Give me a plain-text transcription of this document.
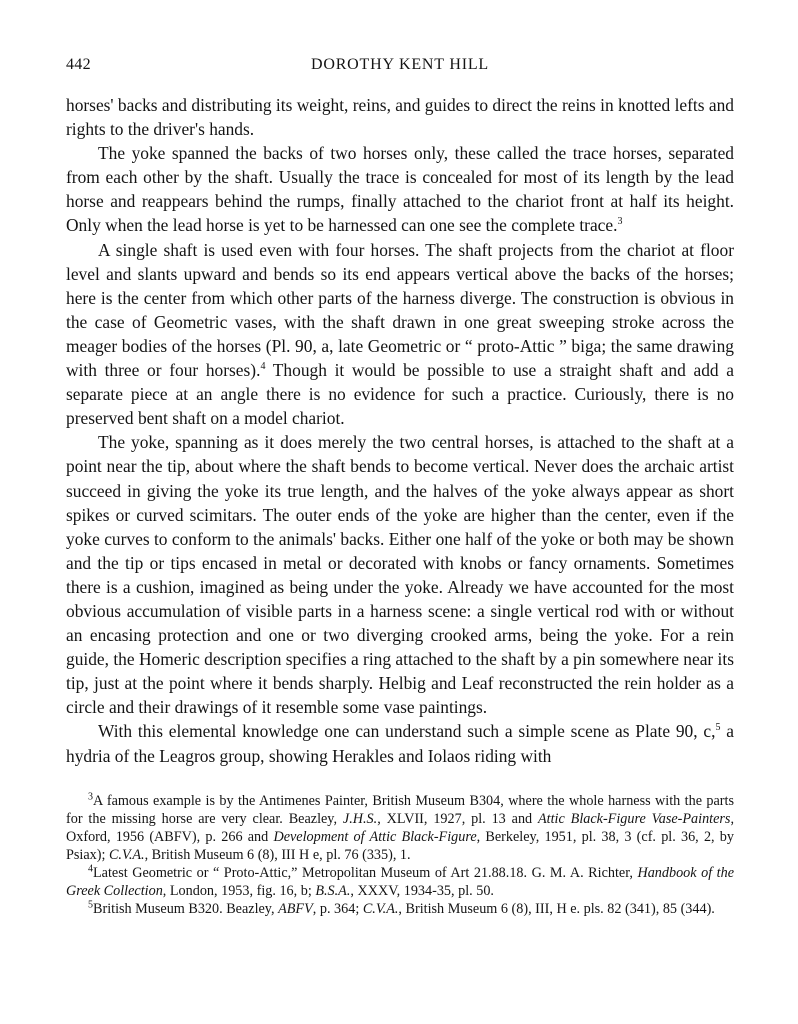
442	DOROTHY KENT HILL

horses' backs and distributing its weight, reins, and guides to direct the reins in knotted lefts and rights to the driver's hands.

The yoke spanned the backs of two horses only, these called the trace horses, separated from each other by the shaft. Usually the trace is concealed for most of its length by the lead horse and reappears behind the rumps, finally attached to the chariot front at half its height. Only when the lead horse is yet to be harnessed can one see the complete trace.$^3$

A single shaft is used even with four horses. The shaft projects from the chariot at floor level and slants upward and bends so its end appears vertical above the backs of the horses; here is the center from which other parts of the harness diverge. The construction is obvious in the case of Geometric vases, with the shaft drawn in one great sweeping stroke across the meager bodies of the horses (Pl. 90, a, late Geometric or “ proto-Attic ” biga; the same drawing with three or four horses).$^4$ Though it would be possible to use a straight shaft and add a separate piece at an angle there is no evidence for such a practice. Curiously, there is no preserved bent shaft on a model chariot.

The yoke, spanning as it does merely the two central horses, is attached to the shaft at a point near the tip, about where the shaft bends to become vertical. Never does the archaic artist succeed in giving the yoke its true length, and the halves of the yoke always appear as short spikes or curved scimitars. The outer ends of the yoke are higher than the center, even if the yoke curves to conform to the animals' backs. Either one half of the yoke or both may be shown and the tip or tips encased in metal or decorated with knobs or fancy ornaments. Sometimes there is a cushion, imagined as being under the yoke. Already we have accounted for the most obvious accumulation of visible parts in a harness scene: a single vertical rod with or without an encasing protection and one or two diverging crooked arms, being the yoke. For a rein guide, the Homeric description specifies a ring attached to the shaft by a pin somewhere near its tip, just at the point where it bends sharply. Helbig and Leaf reconstructed the rein holder as a circle and their drawings of it resemble some vase paintings.

With this elemental knowledge one can understand such a simple scene as Plate 90, c,$^5$ a hydria of the Leagros group, showing Herakles and Iolaos riding with

$^3$A famous example is by the Antimenes Painter, British Museum B304, where the whole harness with the parts for the missing horse are very clear. Beazley, J.H.S., XLVII, 1927, pl. 13 and Attic Black-Figure Vase-Painters, Oxford, 1956 (ABFV), p. 266 and Development of Attic Black-Figure, Berkeley, 1951, pl. 38, 3 (cf. pl. 36, 2, by Psiax); C.V.A., British Museum 6 (8), III H e, pl. 76 (335), 1.

$^4$Latest Geometric or “ Proto-Attic,” Metropolitan Museum of Art 21.88.18. G. M. A. Richter, Handbook of the Greek Collection, London, 1953, fig. 16, b; B.S.A., XXXV, 1934-35, pl. 50.

$^5$British Museum B320. Beazley, ABFV, p. 364; C.V.A., British Museum 6 (8), III, H e. pls. 82 (341), 85 (344).
